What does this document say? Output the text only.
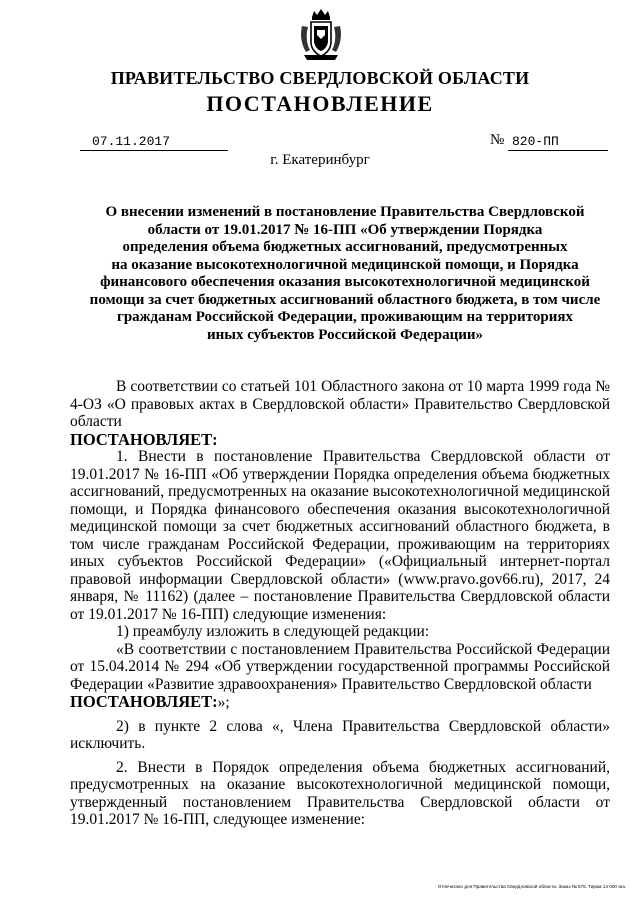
ПРАВИТЕЛЬСТВО СВЕРДЛОВСКОЙ ОБЛАСТИ
ПОСТАНОВЛЕНИЕ
07.11.2017	№ 820-ПП
г. Екатеринбург
О внесении изменений в постановление Правительства Свердловской
области от 19.01.2017 № 16-ПП «Об утверждении Порядка
определения объема бюджетных ассигнований, предусмотренных
на оказание высокотехнологичной медицинской помощи, и Порядка
финансового обеспечения оказания высокотехнологичной медицинской
помощи за счет бюджетных ассигнований областного бюджета, в том числе
гражданам Российской Федерации, проживающим на территориях
иных субъектов Российской Федерации»

В соответствии со статьей 101 Областного закона от 10 марта 1999 года № 4-ОЗ «О правовых актах в Свердловской области» Правительство Свердловской области

ПОСТАНОВЛЯЕТ:

1. Внести в постановление Правительства Свердловской области от 19.01.2017 № 16-ПП «Об утверждении Порядка определения объема бюджетных ассигнований, предусмотренных на оказание высокотехнологичной медицинской помощи, и Порядка финансового обеспечения оказания высокотехнологичной медицинской помощи за счет бюджетных ассигнований областного бюджета, в том числе гражданам Российской Федерации, проживающим на территориях иных субъектов Российской Федерации» («Официальный интернет-портал правовой информации Свердловской области» (www.pravo.gov66.ru), 2017, 24 января, № 11162) (далее – постановление Правительства Свердловской области от 19.01.2017 № 16-ПП) следующие изменения:

1) преамбулу изложить в следующей редакции:

«В соответствии с постановлением Правительства Российской Федерации от 15.04.2014 № 294 «Об утверждении государственной программы Российской Федерации «Развитие здравоохранения» Правительство Свердловской области

ПОСТАНОВЛЯЕТ:»;

2) в пункте 2 слова «, Члена Правительства Свердловской области» исключить.

2. Внести в Порядок определения объема бюджетных ассигнований, предусмотренных на оказание высокотехнологичной медицинской помощи, утвержденный постановлением Правительства Свердловской области от 19.01.2017 № 16-ПП, следующее изменение:

Отпечатано для Правительства Свердловской области. Заказ № 575. Тираж 14 000 экз.
